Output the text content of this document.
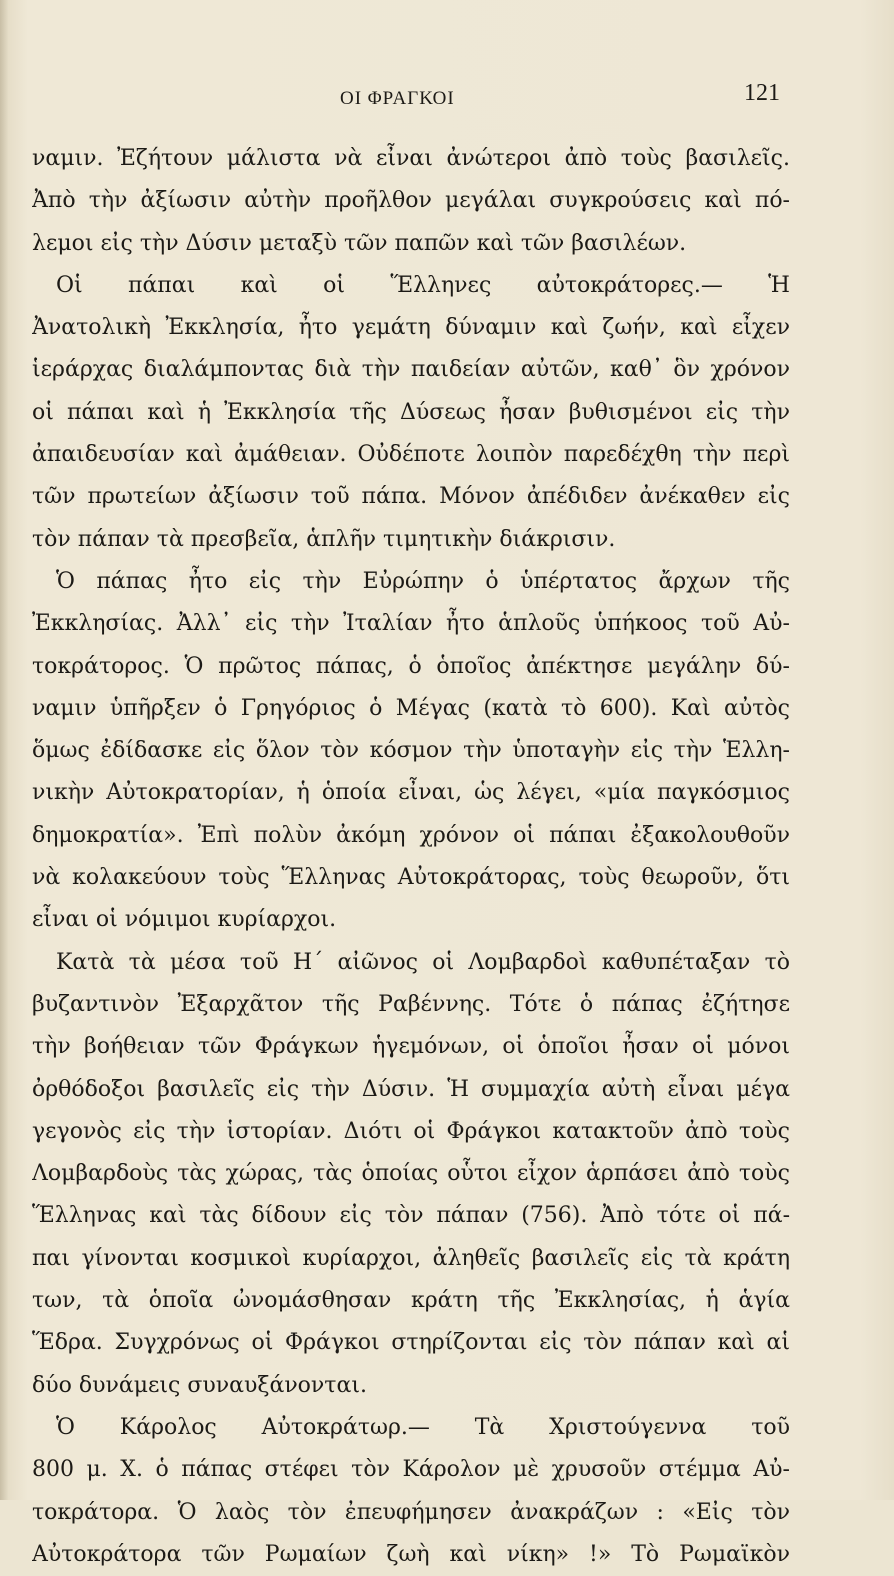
ΟΙ ΦΡΑΓΚΟΙ	121
ναμιν. Ἐζήτουν μάλιστα νὰ εἶναι ἀνώτεροι ἀπὸ τοὺς βασιλεῖς.
Ἀπὸ τὴν ἀξίωσιν αὐτὴν προῆλθον μεγάλαι συγκρούσεις καὶ πό-
λεμοι εἰς τὴν Δύσιν μεταξὺ τῶν παπῶν καὶ τῶν βασιλέων.
Οἱ πάπαι καὶ οἱ Ἕλληνες αὐτοκράτορες.— Ἡ
Ἀνατολικὴ Ἐκκλησία, ἦτο γεμάτη δύναμιν καὶ ζωήν, καὶ εἶχεν
ἱεράρχας διαλάμποντας διὰ τὴν παιδείαν αὐτῶν, καθ᾽ ὃν χρόνον
οἱ πάπαι καὶ ἡ Ἐκκλησία τῆς Δύσεως ἦσαν βυθισμένοι εἰς τὴν
ἀπαιδευσίαν καὶ ἀμάθειαν. Οὐδέποτε λοιπὸν παρεδέχθη τὴν περὶ
τῶν πρωτείων ἀξίωσιν τοῦ πάπα. Μόνον ἀπέδιδεν ἀνέκαθεν εἰς
τὸν πάπαν τὰ πρεσβεῖα, ἁπλῆν τιμητικὴν διάκρισιν.
Ὁ πάπας ἦτο εἰς τὴν Εὐρώπην ὁ ὑπέρτατος ἄρχων τῆς
Ἐκκλησίας. Ἀλλ᾽ εἰς τὴν Ἰταλίαν ἦτο ἁπλοῦς ὑπήκοος τοῦ Αὐ-
τοκράτορος. Ὁ πρῶτος πάπας, ὁ ὁποῖος ἀπέκτησε μεγάλην δύ-
ναμιν ὑπῆρξεν ὁ Γρηγόριος ὁ Μέγας (κατὰ τὸ 600). Καὶ αὐτὸς
ὅμως ἐδίδασκε εἰς ὅλον τὸν κόσμον τὴν ὑποταγὴν εἰς τὴν Ἑλλη-
νικὴν Αὐτοκρατορίαν, ἡ ὁποία εἶναι, ὡς λέγει, «μία παγκόσμιος
δημοκρατία». Ἐπὶ πολὺν ἀκόμη χρόνον οἱ πάπαι ἐξακολουθοῦν
νὰ κολακεύουν τοὺς Ἕλληνας Αὐτοκράτορας, τοὺς θεωροῦν, ὅτι
εἶναι οἱ νόμιμοι κυρίαρχοι.
Κατὰ τὰ μέσα τοῦ Η΄ αἰῶνος οἱ Λομβαρδοὶ καθυπέταξαν τὸ
βυζαντινὸν Ἐξαρχᾶτον τῆς Ραβέννης. Τότε ὁ πάπας ἐζήτησε
τὴν βοήθειαν τῶν Φράγκων ἡγεμόνων, οἱ ὁποῖοι ἦσαν οἱ μόνοι
ὀρθόδοξοι βασιλεῖς εἰς τὴν Δύσιν. Ἡ συμμαχία αὐτὴ εἶναι μέγα
γεγονὸς εἰς τὴν ἱστορίαν. Διότι οἱ Φράγκοι κατακτοῦν ἀπὸ τοὺς
Λομβαρδοὺς τὰς χώρας, τὰς ὁποίας οὗτοι εἶχον ἁρπάσει ἀπὸ τοὺς
Ἕλληνας καὶ τὰς δίδουν εἰς τὸν πάπαν (756). Ἀπὸ τότε οἱ πά-
παι γίνονται κοσμικοὶ κυρίαρχοι, ἀληθεῖς βασιλεῖς εἰς τὰ κράτη
των, τὰ ὁποῖα ὠνομάσθησαν κράτη τῆς Ἐκκλησίας, ἡ ἁγία
Ἕδρα. Συγχρόνως οἱ Φράγκοι στηρίζονται εἰς τὸν πάπαν καὶ αἱ
δύο δυνάμεις συναυξάνονται.
Ὁ Κάρολος Αὐτοκράτωρ.— Τὰ Χριστούγεννα τοῦ
800 μ. Χ. ὁ πάπας στέφει τὸν Κάρολον μὲ χρυσοῦν στέμμα Αὐ-
τοκράτορα. Ὁ λαὸς τὸν ἐπευφήμησεν ἀνακράζων : «Εἰς τὸν
Αὐτοκράτορα τῶν Ρωμαίων ζωὴ καὶ νίκη» !» Τὸ Ρωμαϊκὸν
